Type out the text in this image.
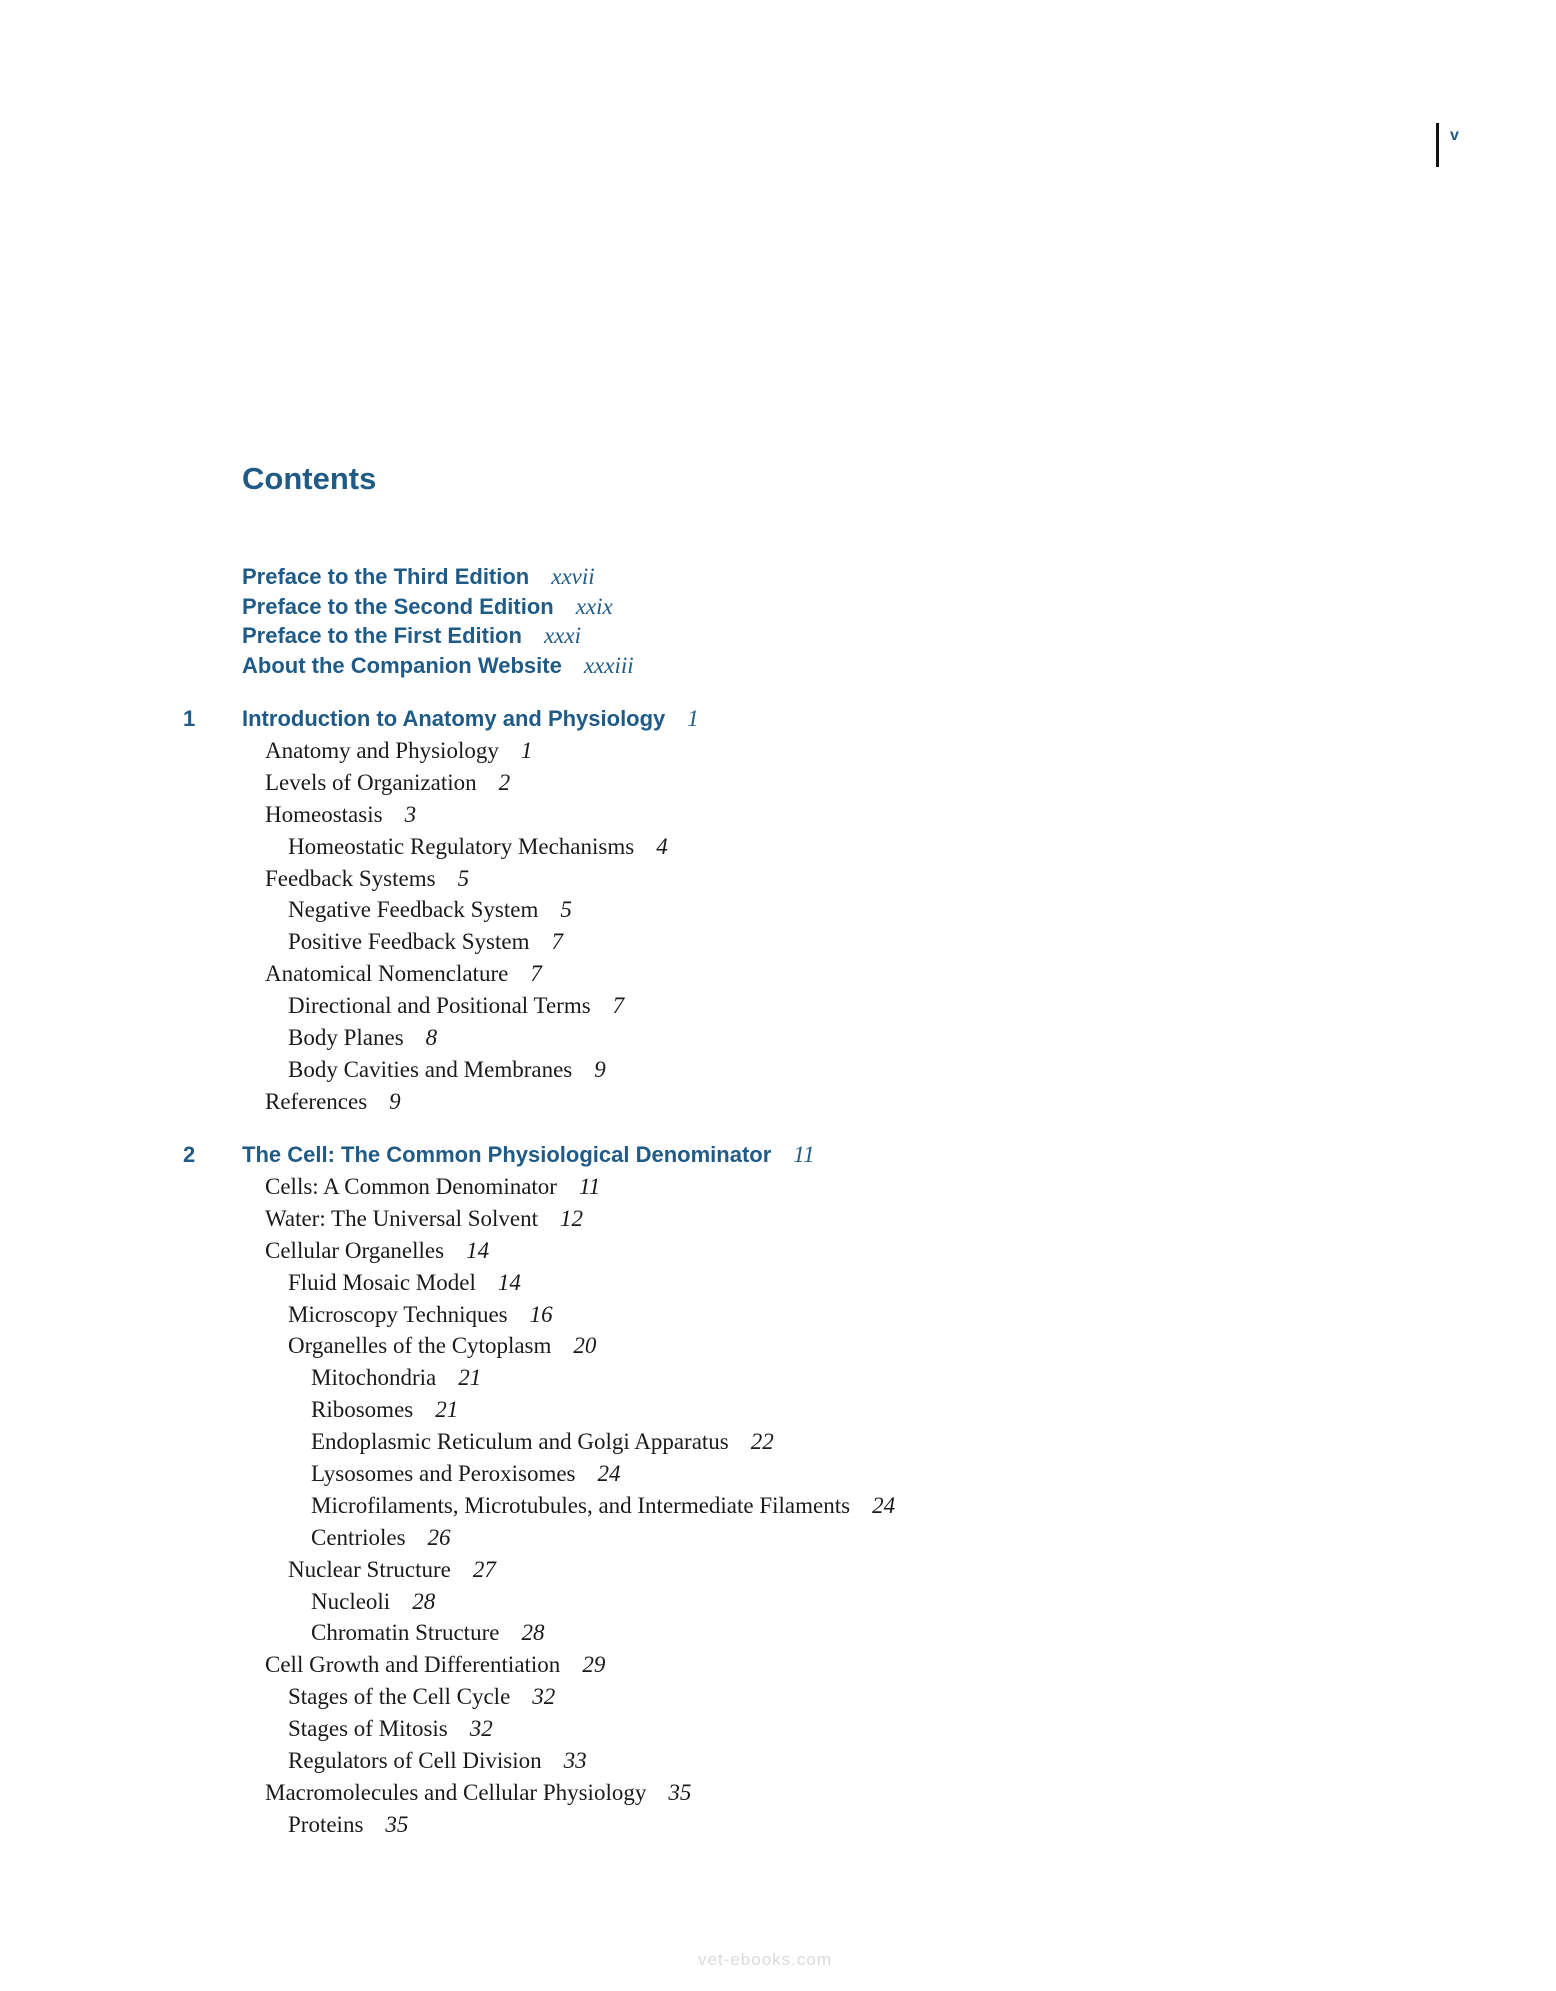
v
Contents
Preface to the Third Edition xxvii
Preface to the Second Edition xxix
Preface to the First Edition xxxi
About the Companion Website xxxiii
1 Introduction to Anatomy and Physiology 1
Anatomy and Physiology 1
Levels of Organization 2
Homeostasis 3
Homeostatic Regulatory Mechanisms 4
Feedback Systems 5
Negative Feedback System 5
Positive Feedback System 7
Anatomical Nomenclature 7
Directional and Positional Terms 7
Body Planes 8
Body Cavities and Membranes 9
References 9
2 The Cell: The Common Physiological Denominator 11
Cells: A Common Denominator 11
Water: The Universal Solvent 12
Cellular Organelles 14
Fluid Mosaic Model 14
Microscopy Techniques 16
Organelles of the Cytoplasm 20
Mitochondria 21
Ribosomes 21
Endoplasmic Reticulum and Golgi Apparatus 22
Lysosomes and Peroxisomes 24
Microfilaments, Microtubules, and Intermediate Filaments 24
Centrioles 26
Nuclear Structure 27
Nucleoli 28
Chromatin Structure 28
Cell Growth and Differentiation 29
Stages of the Cell Cycle 32
Stages of Mitosis 32
Regulators of Cell Division 33
Macromolecules and Cellular Physiology 35
Proteins 35
vet-ebooks.com
